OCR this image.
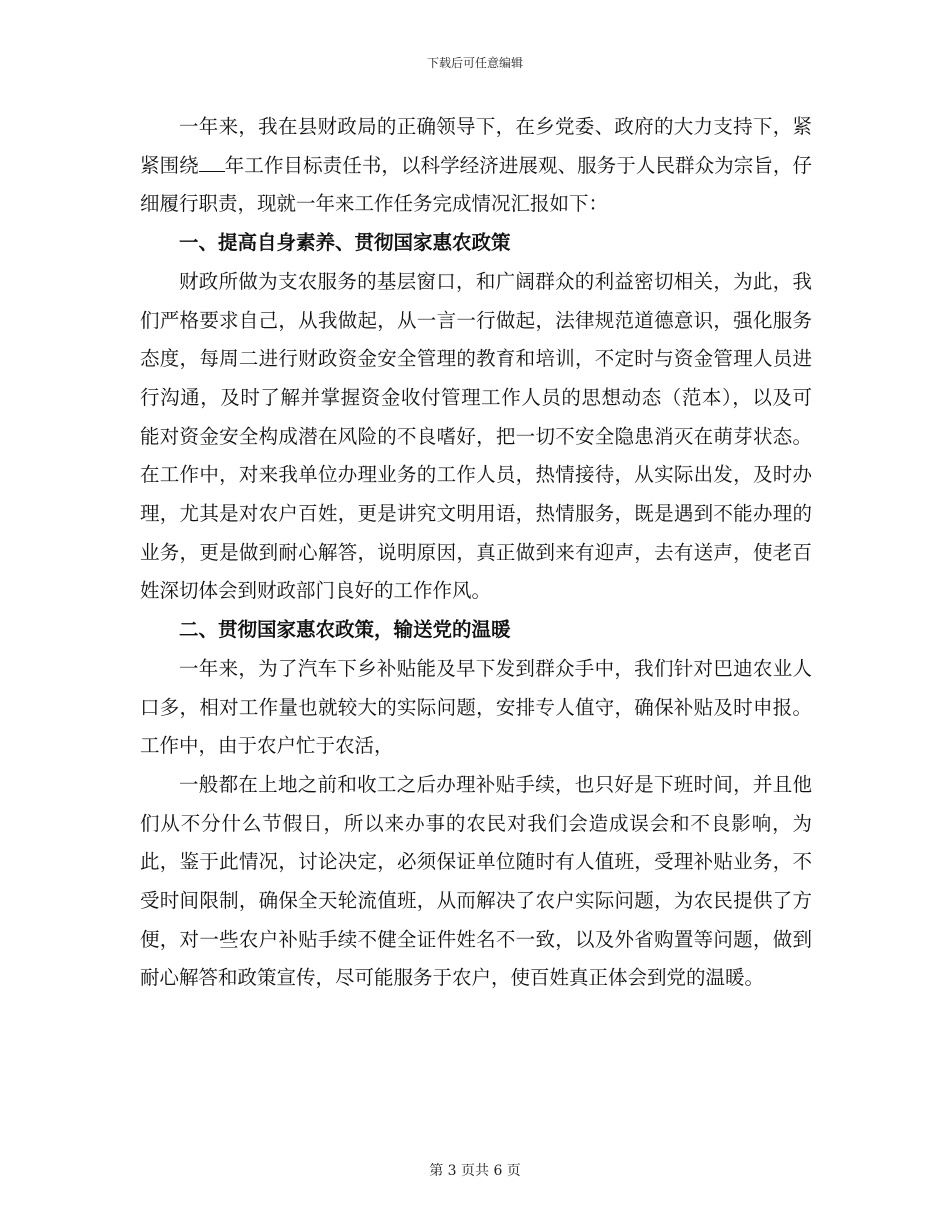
下载后可任意编辑

一年来，我在县财政局的正确领导下，在乡党委、政府的大力支持下，紧紧围绕 年工作目标责任书，以科学经济进展观、服务于人民群众为宗旨，仔细履行职责，现就一年来工作任务完成情况汇报如下：

一、提高自身素养、贯彻国家惠农政策

财政所做为支农服务的基层窗口，和广阔群众的利益密切相关，为此，我们严格要求自己，从我做起，从一言一行做起，法律规范道德意识，强化服务态度，每周二进行财政资金安全管理的教育和培训，不定时与资金管理人员进行沟通，及时了解并掌握资金收付管理工作人员的思想动态（范本），以及可能对资金安全构成潜在风险的不良嗜好，把一切不安全隐患消灭在萌芽状态。在工作中，对来我单位办理业务的工作人员，热情接待，从实际出发，及时办理，尤其是对农户百姓，更是讲究文明用语，热情服务，既是遇到不能办理的业务，更是做到耐心解答，说明原因，真正做到来有迎声，去有送声，使老百姓深切体会到财政部门良好的工作作风。

二、贯彻国家惠农政策，输送党的温暖

一年来，为了汽车下乡补贴能及早下发到群众手中，我们针对巴迪农业人口多，相对工作量也就较大的实际问题，安排专人值守，确保补贴及时申报。工作中，由于农户忙于农活，

一般都在上地之前和收工之后办理补贴手续，也只好是下班时间，并且他们从不分什么节假日，所以来办事的农民对我们会造成误会和不良影响，为此，鉴于此情况，讨论决定，必须保证单位随时有人值班，受理补贴业务，不受时间限制，确保全天轮流值班，从而解决了农户实际问题，为农民提供了方便，对一些农户补贴手续不健全证件姓名不一致，以及外省购置等问题，做到耐心解答和政策宣传，尽可能服务于农户，使百姓真正体会到党的温暖。

第 3 页共 6 页
